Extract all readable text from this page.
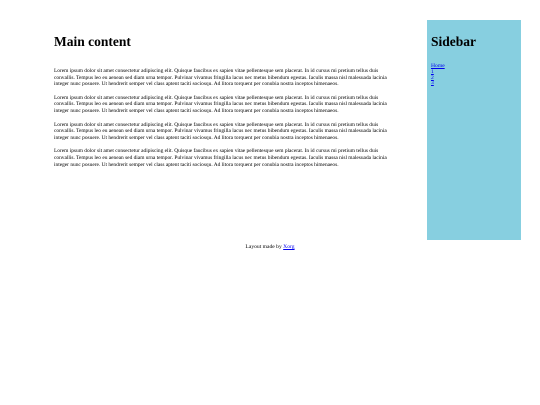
Main content

Lorem ipsum dolor sit amet consectetur adipiscing elit. Quisque faucibus ex sapien vitae pellentesque sem placerat. In id cursus mi pretium tellus duis convallis. Tempus leo eu aenean sed diam urna tempor. Pulvinar vivamus fringilla lacus nec metus bibendum egestas. Iaculis massa nisl malesuada lacinia integer nunc posuere. Ut hendrerit semper vel class aptent taciti sociosqu. Ad litora torquent per conubia nostra inceptos himenaeos.

Lorem ipsum dolor sit amet consectetur adipiscing elit. Quisque faucibus ex sapien vitae pellentesque sem placerat. In id cursus mi pretium tellus duis convallis. Tempus leo eu aenean sed diam urna tempor. Pulvinar vivamus fringilla lacus nec metus bibendum egestas. Iaculis massa nisl malesuada lacinia integer nunc posuere. Ut hendrerit semper vel class aptent taciti sociosqu. Ad litora torquent per conubia nostra inceptos himenaeos.

Lorem ipsum dolor sit amet consectetur adipiscing elit. Quisque faucibus ex sapien vitae pellentesque sem placerat. In id cursus mi pretium tellus duis convallis. Tempus leo eu aenean sed diam urna tempor. Pulvinar vivamus fringilla lacus nec metus bibendum egestas. Iaculis massa nisl malesuada lacinia integer nunc posuere. Ut hendrerit semper vel class aptent taciti sociosqu. Ad litora torquent per conubia nostra inceptos himenaeos.

Lorem ipsum dolor sit amet consectetur adipiscing elit. Quisque faucibus ex sapien vitae pellentesque sem placerat. In id cursus mi pretium tellus duis convallis. Tempus leo eu aenean sed diam urna tempor. Pulvinar vivamus fringilla lacus nec metus bibendum egestas. Iaculis massa nisl malesuada lacinia integer nunc posuere. Ut hendrerit semper vel class aptent taciti sociosqu. Ad litora torquent per conubia nostra inceptos himenaeos.

Sidebar
Home
1
2
3
Layout made by Xorg
